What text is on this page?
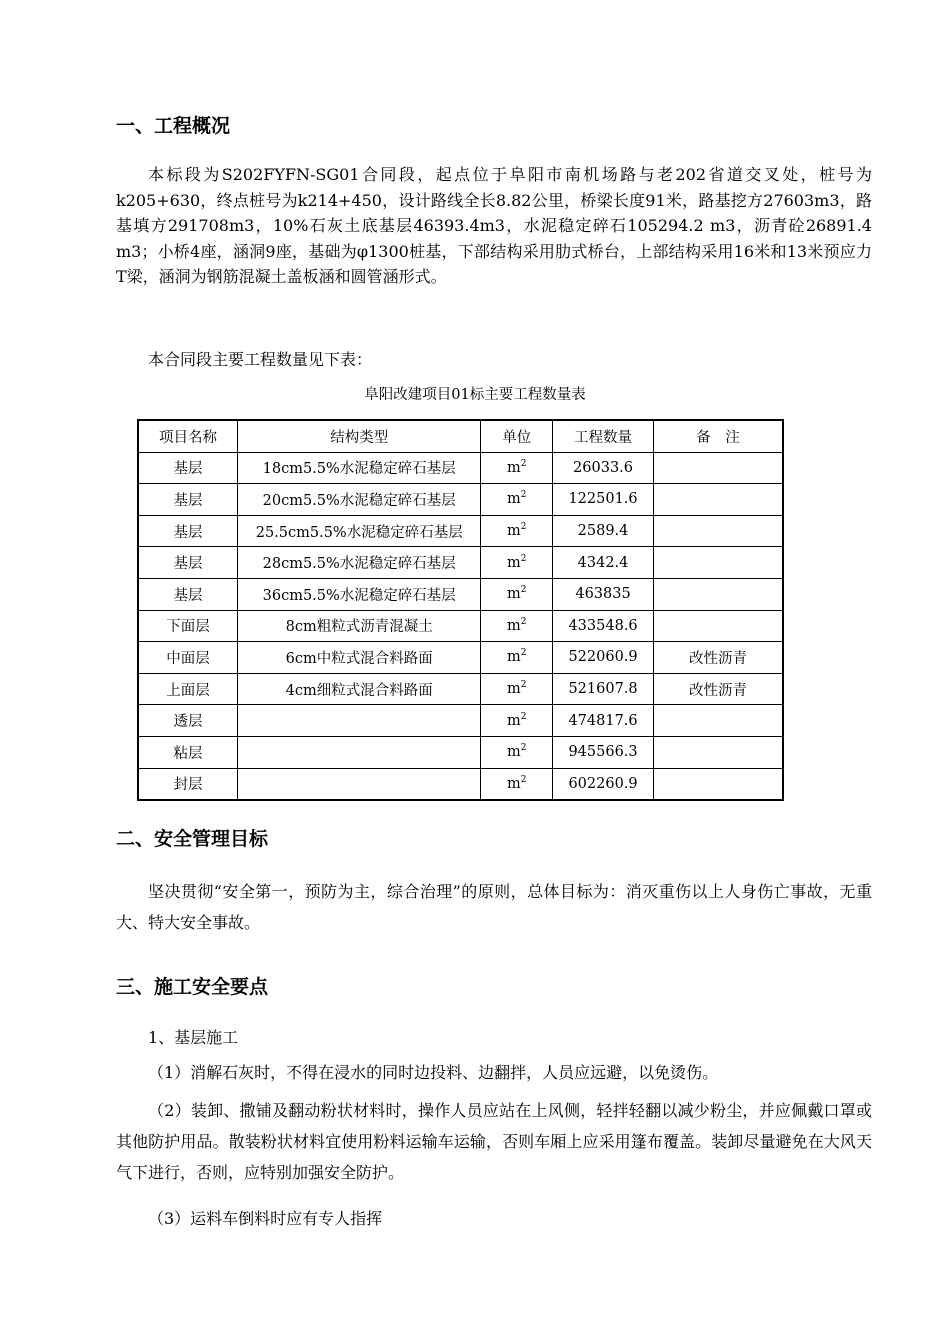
一、工程概况

本标段为S202FYFN-SG01合同段，起点位于阜阳市南机场路与老202省道交叉处，桩号为k205+630，终点桩号为k214+450，设计路线全长8.82公里，桥梁长度91米，路基挖方27603m3，路基填方291708m3，10%石灰土底基层46393.4m3，水泥稳定碎石105294.2 m3，沥青砼26891.4 m3；小桥4座，涵洞9座，基础为φ1300桩基，下部结构采用肋式桥台，上部结构采用16米和13米预应力T梁，涵洞为钢筋混凝土盖板涵和圆管涵形式。

本合同段主要工程数量见下表：

阜阳改建项目01标主要工程数量表

项目名称	结构类型	单位	工程数量	备　注
基层	18cm5.5%水泥稳定碎石基层	$m^2$	26033.6	
基层	20cm5.5%水泥稳定碎石基层	$m^2$	122501.6	
基层	25.5cm5.5%水泥稳定碎石基层	$m^2$	2589.4	
基层	28cm5.5%水泥稳定碎石基层	$m^2$	4342.4	
基层	36cm5.5%水泥稳定碎石基层	$m^2$	463835	
下面层	8cm粗粒式沥青混凝土	$m^2$	433548.6	
中面层	6cm中粒式混合料路面	$m^2$	522060.9	改性沥青
上面层	4cm细粒式混合料路面	$m^2$	521607.8	改性沥青
透层		$m^2$	474817.6	
粘层		$m^2$	945566.3	
封层		$m^2$	602260.9	
二、安全管理目标

坚决贯彻“安全第一，预防为主，综合治理”的原则，总体目标为：消灭重伤以上人身伤亡事故，无重大、特大安全事故。

三、施工安全要点

1、基层施工

（1）消解石灰时，不得在浸水的同时边投料、边翻拌，人员应远避，以免烫伤。

（2）装卸、撒铺及翻动粉状材料时，操作人员应站在上风侧，轻拌轻翻以减少粉尘，并应佩戴口罩或其他防护用品。散装粉状材料宜使用粉料运输车运输，否则车厢上应采用篷布覆盖。装卸尽量避免在大风天气下进行，否则，应特别加强安全防护。

（3）运料车倒料时应有专人指挥
